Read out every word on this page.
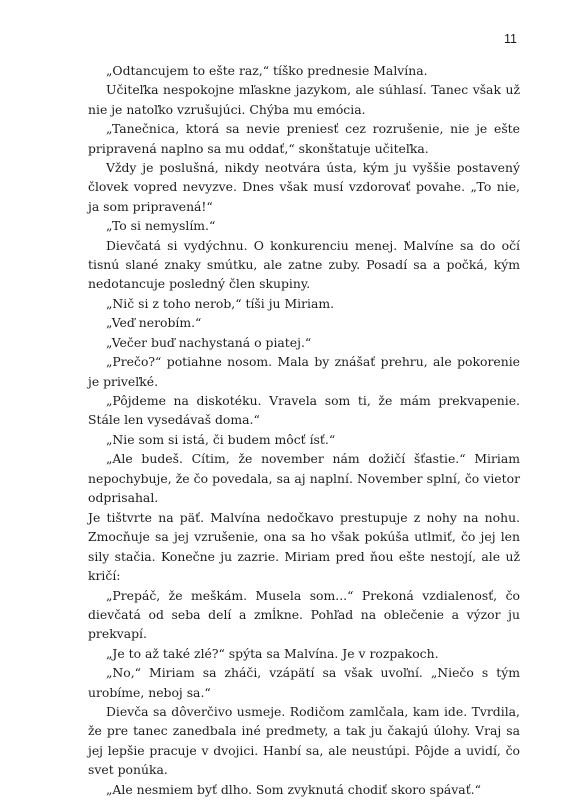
11

„Odtancujem to ešte raz,“ tíško prednesie Malvína.

Učiteľka nespokojne mľaskne jazykom, ale súhlasí. Tanec však už nie je natoľko vzrušujúci. Chýba mu emócia.

„Tanečnica, ktorá sa nevie preniesť cez rozrušenie, nie je ešte pripravená naplno sa mu oddať,“ skonštatuje učiteľka.

Vždy je poslušná, nikdy neotvára ústa, kým ju vyššie postavený človek vopred nevyzve. Dnes však musí vzdorovať povahe. „To nie, ja som pripravená!“

„To si nemyslím.“

Dievčatá si vydýchnu. O konkurenciu menej. Malvíne sa do očí tisnú slané znaky smútku, ale zatne zuby. Posadí sa a počká, kým nedotancuje posledný člen skupiny.

„Nič si z toho nerob,“ tíši ju Miriam.

„Veď nerobím.“

„Večer buď nachystaná o piatej.“

„Prečo?“ potiahne nosom. Mala by znášať prehru, ale pokorenie je priveľké.

„Pôjdeme na diskotéku. Vravela som ti, že mám prekvapenie. Stále len vysedávaš doma.“

„Nie som si istá, či budem môcť ísť.“

„Ale budeš. Cítim, že november nám dožičí šťastie.“ Miriam nepochybuje, že čo povedala, sa aj naplní. November splní, čo vietor odprisahal.

Je tištvrte na päť. Malvína nedočkavo prestupuje z nohy na nohu. Zmocňuje sa jej vzrušenie, ona sa ho však pokúša utlmiť, čo jej len sily stačia. Konečne ju zazrie. Miriam pred ňou ešte nestojí, ale už kričí:

„Prepáč, že meškám. Musela som...“ Prekoná vzdialenosť, čo dievčatá od seba delí a zmĺkne. Pohľad na oblečenie a výzor ju prekvapí.

„Je to až také zlé?“ spýta sa Malvína. Je v rozpakoch.

„No,“ Miriam sa zháči, vzápätí sa však uvoľní. „Niečo s tým urobíme, neboj sa.“

Dievča sa dôverčivo usmeje. Rodičom zamlčala, kam ide. Tvrdila, že pre tanec zanedbala iné predmety, a tak ju čakajú úlohy. Vraj sa jej lepšie pracuje v dvojici. Hanbí sa, ale neustúpi. Pôjde a uvidí, čo svet ponúka.

„Ale nesmiem byť dlho. Som zvyknutá chodiť skoro spávať.“
